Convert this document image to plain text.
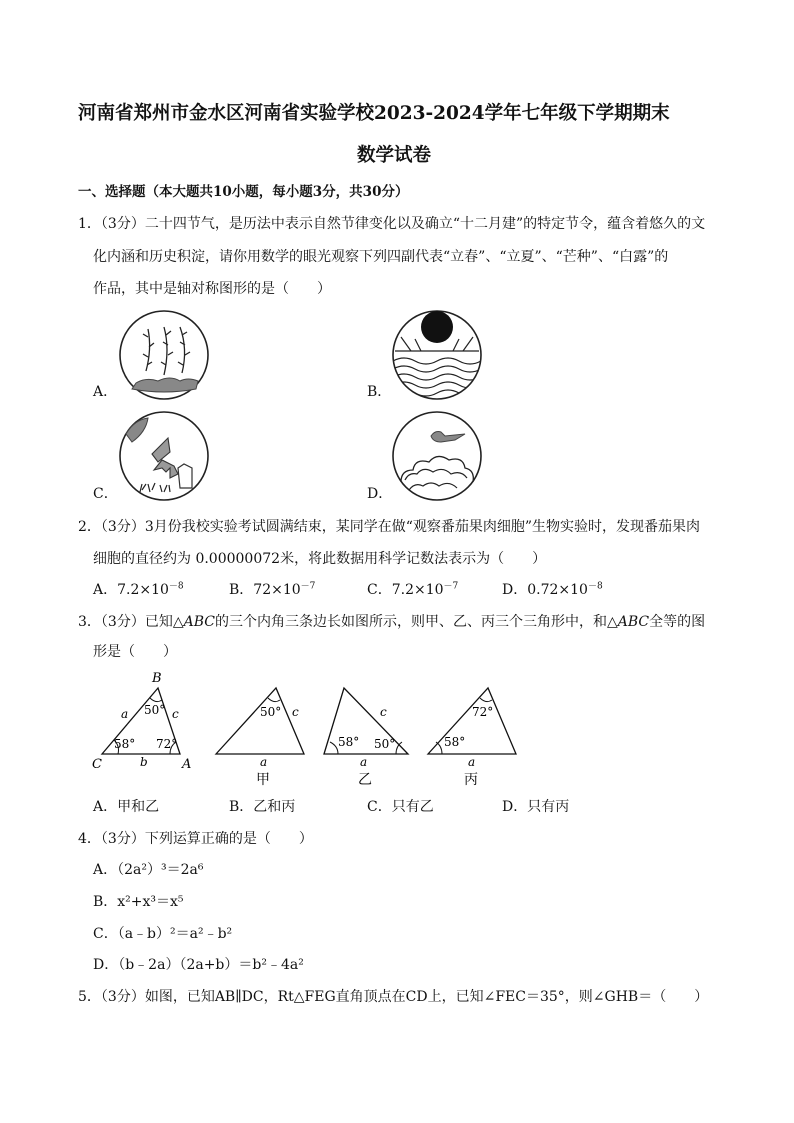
河南省郑州市金水区河南省实验学校2023-2024学年七年级下学期期末
数学试卷
一、选择题（本大题共10小题，每小题3分，共30分）
1．（3分）二十四节气，是历法中表示自然节律变化以及确立“十二月建”的特定节令，蕴含着悠久的文
化内涵和历史积淀，请你用数学的眼光观察下列四副代表“立春”、“立夏”、“芒种”、“白露”的
作品，其中是轴对称图形的是（　　）
A．	B．
C．	D．
2．（3分）3月份我校实验考试圆满结束，某同学在做“观察番茄果肉细胞”生物实验时，发现番茄果肉
细胞的直径约为 0.00000072米，将此数据用科学记数法表示为（　　）
A．$7.2\times 10^{-8}$	B．$72\times 10^{-7}$	C．$7.2\times 10^{-7}$	D．$0.72\times 10^{-8}$
3．（3分）已知△ABC的三个内角三条边长如图所示，则甲、乙、丙三个三角形中，和△ABC全等的图
形是（　　）
B
C	A
a	c
b
50°
58° 72°
50° c
a
甲
c
58° 50°
a
乙
72°
58°
a
丙
A．甲和乙	B．乙和丙	C．只有乙	D．只有丙
4．（3分）下列运算正确的是（　　）
A．（2a²）³＝2a⁶
B．x²+x³＝x⁵
C．（a﹣b）²＝a²﹣b²
D．（b﹣2a）（2a+b）＝b²﹣4a²
5．（3分）如图，已知AB∥DC，Rt△FEG直角顶点在CD上，已知∠FEC＝35°，则∠GHB＝（　　）
